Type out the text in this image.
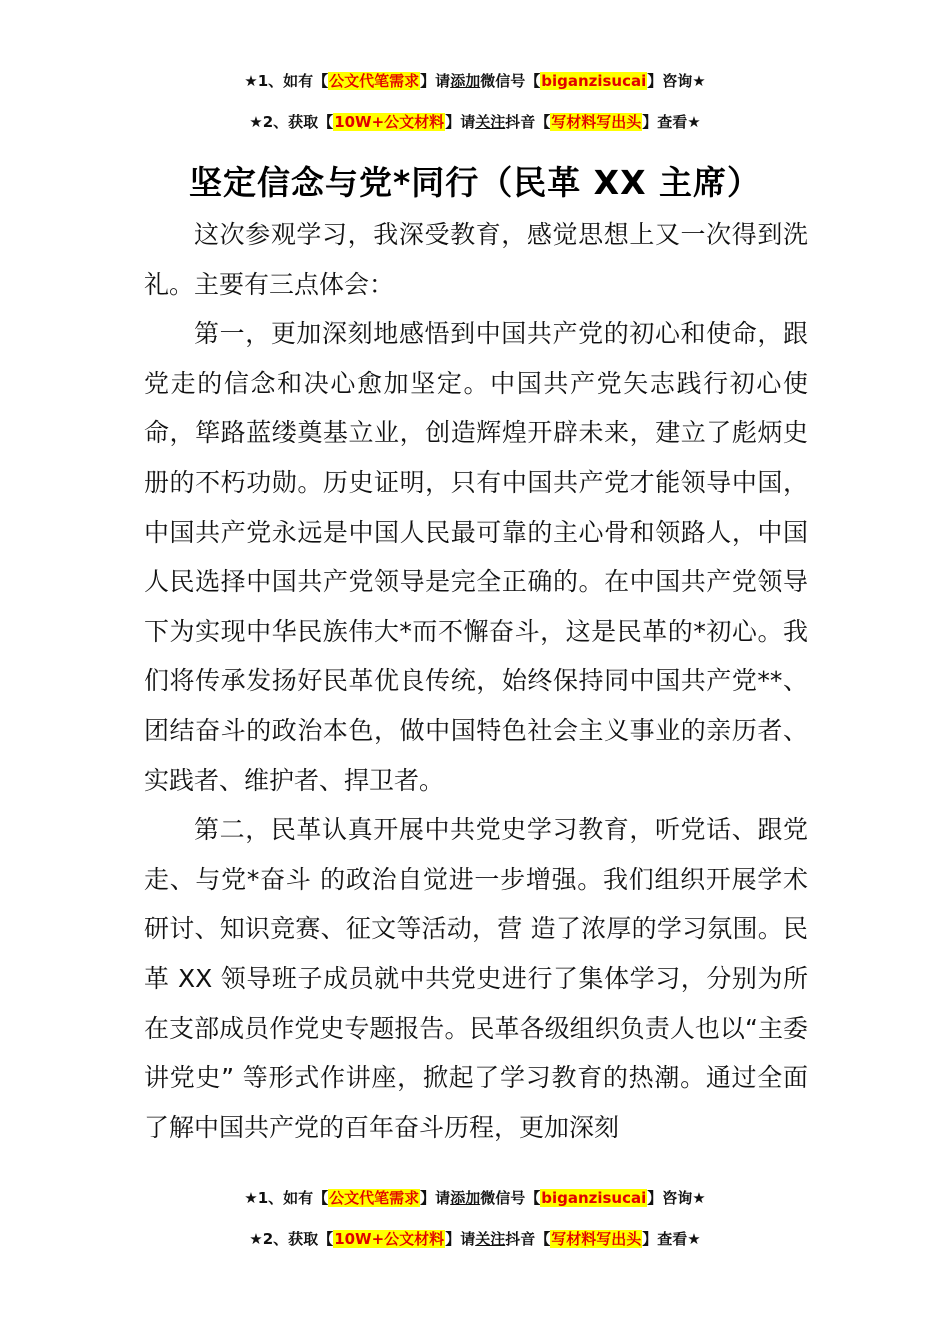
★1、如有【公文代笔需求】请添加微信号【biganzisucai】咨询★
★2、获取【10W+公文材料】请关注抖音【写材料写出头】查看★
坚定信念与党*同行（民革 XX 主席）

这次参观学习，我深受教育，感觉思想上又一次得到洗礼。主要有三点体会：

第一，更加深刻地感悟到中国共产党的初心和使命，跟党走的信念和决心愈加坚定。中国共产党矢志践行初心使命，筚路蓝缕奠基立业，创造辉煌开辟未来，建立了彪炳史册的不朽功勋。历史证明，只有中国共产党才能领导中国， 中国共产党永远是中国人民最可靠的主心骨和领路人，中国人民选择中国共产党领导是完全正确的。在中国共产党领导下为实现中华民族伟大*而不懈奋斗，这是民革的*初心。我们将传承发扬好民革优良传统，始终保持同中国共产党**、团结奋斗的政治本色，做中国特色社会主义事业的亲历者、实践者、维护者、捍卫者。

第二，民革认真开展中共党史学习教育，听党话、跟党走、与党*奋斗 的政治自觉进一步增强。我们组织开展学术研讨、知识竞赛、征文等活动，营 造了浓厚的学习氛围。民革 XX 领导班子成员就中共党史进行了集体学习，分别为所在支部成员作党史专题报告。民革各级组织负责人也以“主委讲党史” 等形式作讲座，掀起了学习教育的热潮。通过全面了解中国共产党的百年奋斗历程，更加深刻

★1、如有【公文代笔需求】请添加微信号【biganzisucai】咨询★
★2、获取【10W+公文材料】请关注抖音【写材料写出头】查看★
